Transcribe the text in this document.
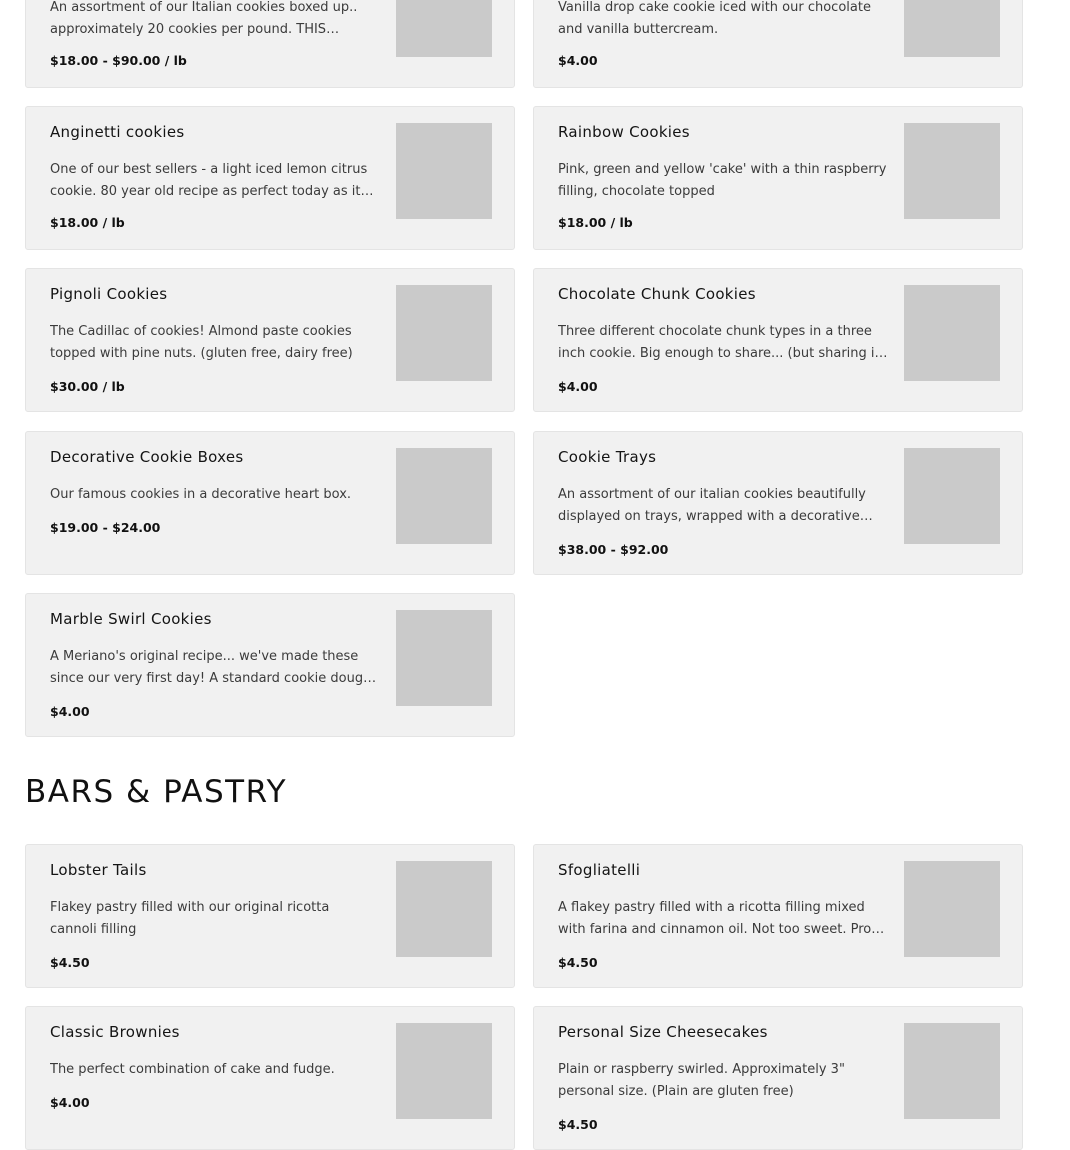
An assortment of our Italian cookies boxed up.. approximately 20 cookies per pound. THIS

$18.00 - $90.00 / lb

Vanilla drop cake cookie iced with our chocolate and vanilla buttercream.

$4.00

Anginetti cookies

One of our best sellers - a light iced lemon citrus cookie. 80 year old recipe as perfect today as it

$18.00 / lb

Rainbow Cookies

Pink, green and yellow 'cake' with a thin raspberry filling, chocolate topped

$18.00 / lb

Pignoli Cookies

The Cadillac of cookies! Almond paste cookies topped with pine nuts. (gluten free, dairy free)

$30.00 / lb

Chocolate Chunk Cookies

Three different chocolate chunk types in a three inch cookie. Big enough to share... (but sharing is

$4.00

Decorative Cookie Boxes

Our famous cookies in a decorative heart box.

$19.00 - $24.00

Cookie Trays

An assortment of our italian cookies beautifully displayed on trays, wrapped with a decorative

$38.00 - $92.00

Marble Swirl Cookies

A Meriano's original recipe... we've made these since our very first day! A standard cookie dough

$4.00

BARS & PASTRY
Lobster Tails

Flakey pastry filled with our original ricotta cannoli filling

$4.50

Sfogliatelli

A flakey pastry filled with a ricotta filling mixed with farina and cinnamon oil. Not too sweet. Pro

$4.50

Classic Brownies

The perfect combination of cake and fudge.

$4.00

Personal Size Cheesecakes

Plain or raspberry swirled. Approximately 3" personal size. (Plain are gluten free)

$4.50
